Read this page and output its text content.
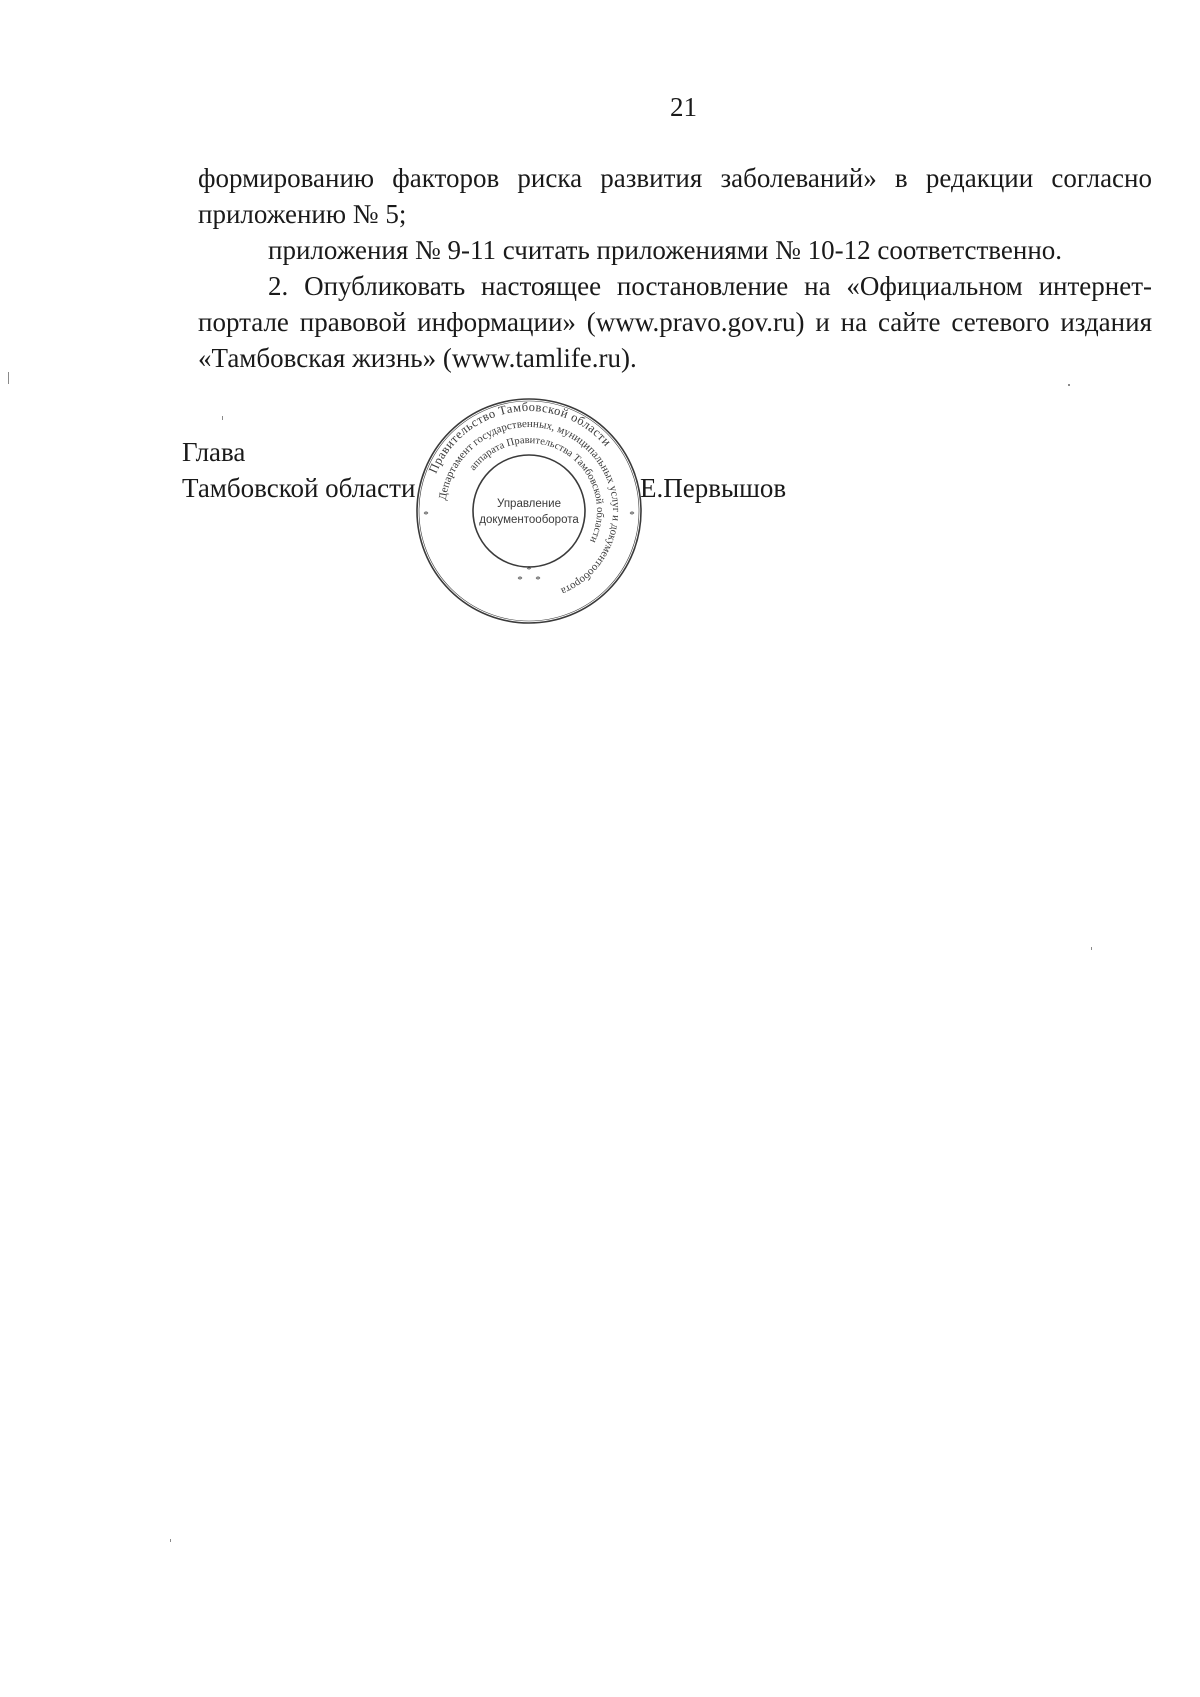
21

формированию факторов риска развития заболеваний» в редакции согласно приложению № 5;

приложения № 9-11 считать приложениями № 10-12 соответственно.

2. Опубликовать настоящее постановление на «Официальном интернет-портале правовой информации» (www.pravo.gov.ru) и на сайте сетевого издания «Тамбовская жизнь» (www.tamlife.ru).

Глава
Тамбовской области	Е.Первышов
Правительство Тамбовской области
Департамент государственных, муниципальных услуг и документооборота
аппарата Правительства Тамбовской области
Управление
документооборота
*	*
*
*
*
